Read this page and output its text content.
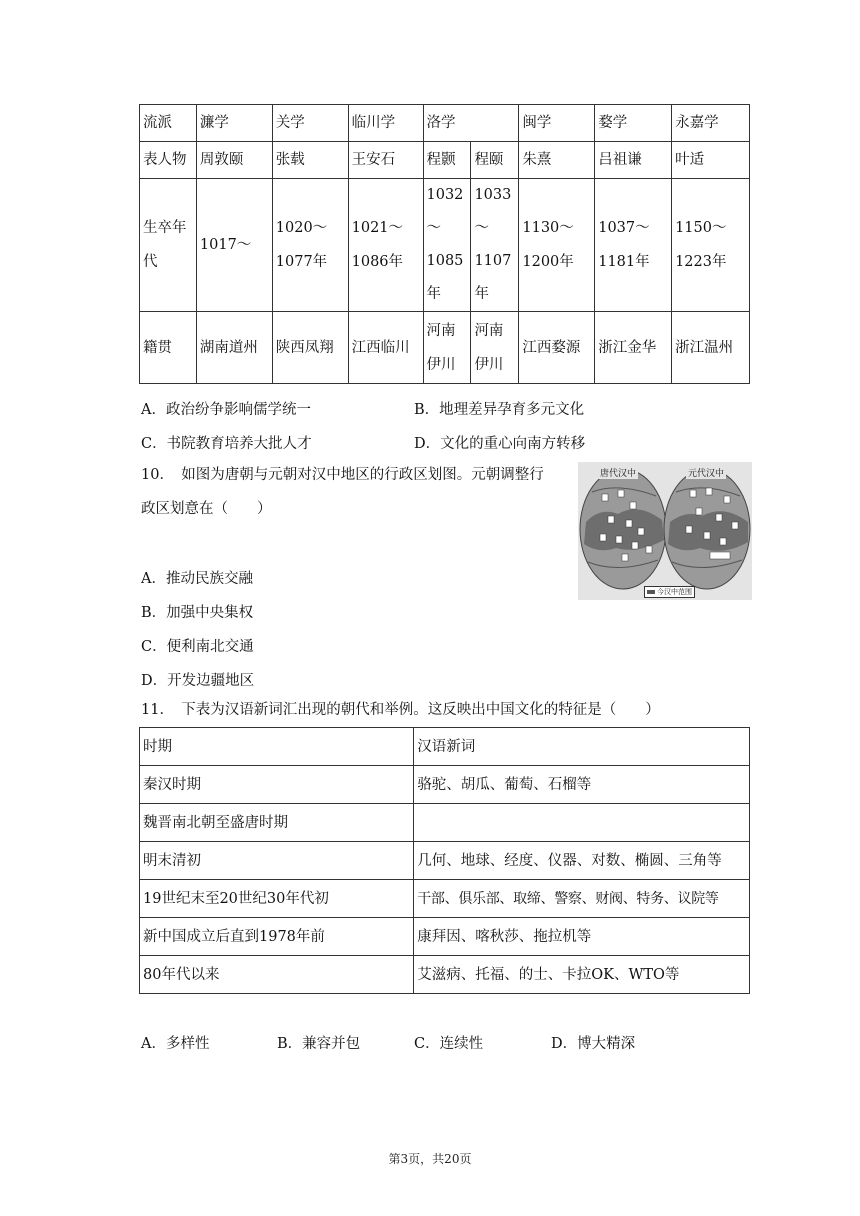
流派	濂学	关学	临川学	洛学		闽学	婺学	永嘉学
表人物	周敦颐	张载	王安石	程颢	程颐	朱熹	吕祖谦	叶适
生卒年代	1017～	1020～1077年	1021～1086年	1032～1085年	1033～1107年	1130～1200年	1037～1181年	1150～1223年
籍贯	湖南道州	陕西凤翔	江西临川	河南伊川	河南伊川	江西婺源	浙江金华	浙江温州
A．政治纷争影响儒学统一	B．地理差异孕育多元文化
C．书院教育培养大批人才	D．文化的重心向南方转移
10．　如图为唐朝与元朝对汉中地区的行政区划图。元朝调整行
政区划意在（　　）
唐代汉中	元代汉中
今汉中范围
A．推动民族交融
B．加强中央集权
C．便利南北交通
D．开发边疆地区
11．　下表为汉语新词汇出现的朝代和举例。这反映出中国文化的特征是（　　）
时期	汉语新词
秦汉时期	骆驼、胡瓜、葡萄、石榴等
魏晋南北朝至盛唐时期	
明末清初	几何、地球、经度、仪器、对数、椭圆、三角等
19世纪末至20世纪30年代初	干部、俱乐部、取缔、警察、财阀、特务、议院等
新中国成立后直到1978年前	康拜因、喀秋莎、拖拉机等
80年代以来	艾滋病、托福、的士、卡拉OK、WTO等
A．多样性	B．兼容并包	C．连续性	D．博大精深
第3页，共20页
